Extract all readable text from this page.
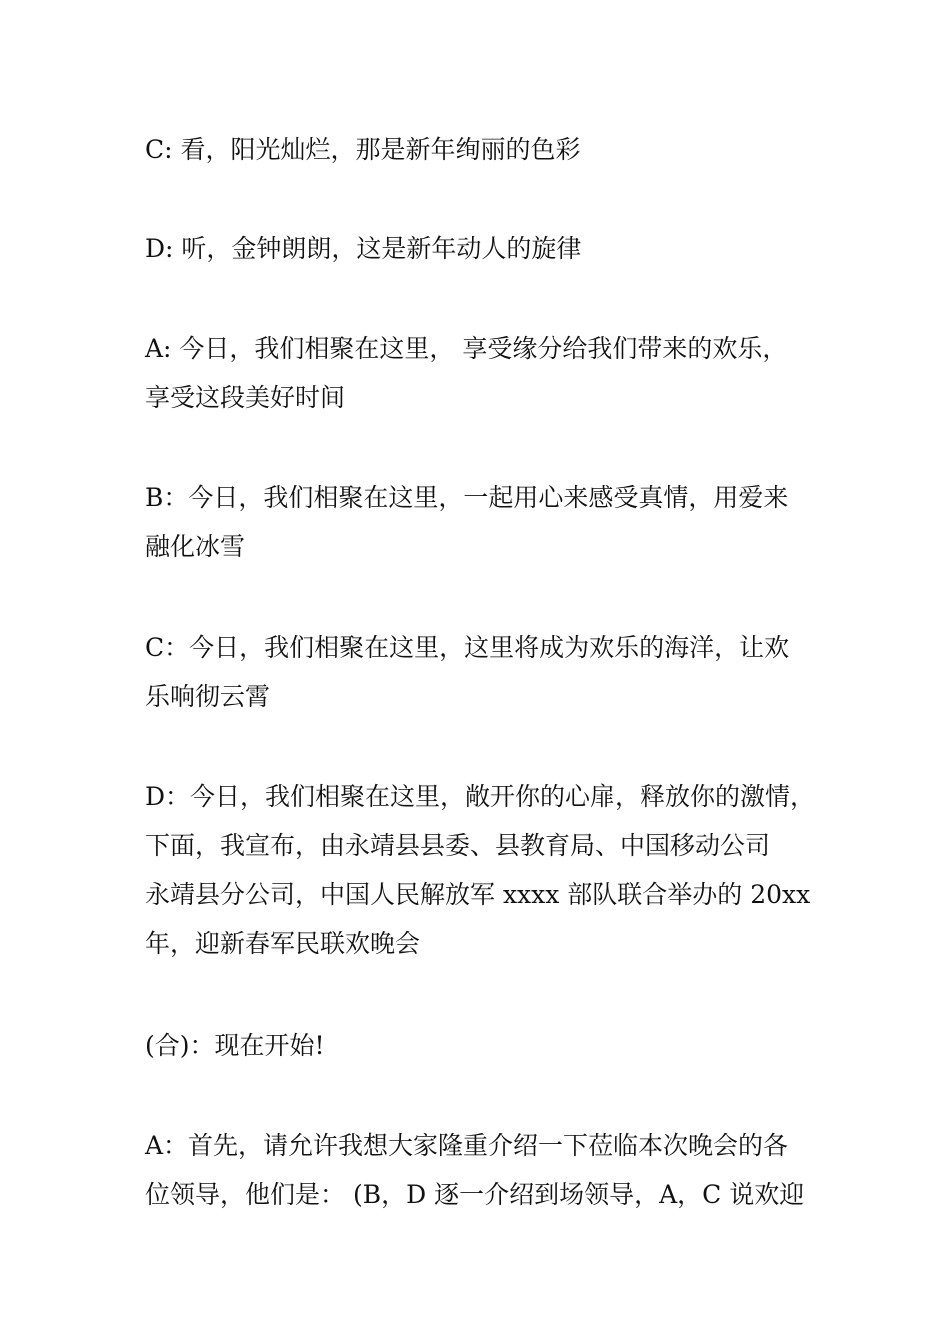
C: 看，阳光灿烂，那是新年绚丽的色彩
D: 听，金钟朗朗，这是新年动人的旋律
A: 今日，我们相聚在这里， 享受缘分给我们带来的欢乐，
享受这段美好时间
B：今日，我们相聚在这里，一起用心来感受真情，用爱来
融化冰雪
C：今日，我们相聚在这里，这里将成为欢乐的海洋，让欢
乐响彻云霄
D：今日，我们相聚在这里，敞开你的心扉，释放你的激情，
下面，我宣布，由永靖县县委、县教育局、中国移动公司
永靖县分公司，中国人民解放军 xxxx 部队联合举办的 20xx
年，迎新春军民联欢晚会
(合)：现在开始!
A：首先，请允许我想大家隆重介绍一下莅临本次晚会的各
位领导，他们是： (B，D 逐一介绍到场领导，A，C 说欢迎
